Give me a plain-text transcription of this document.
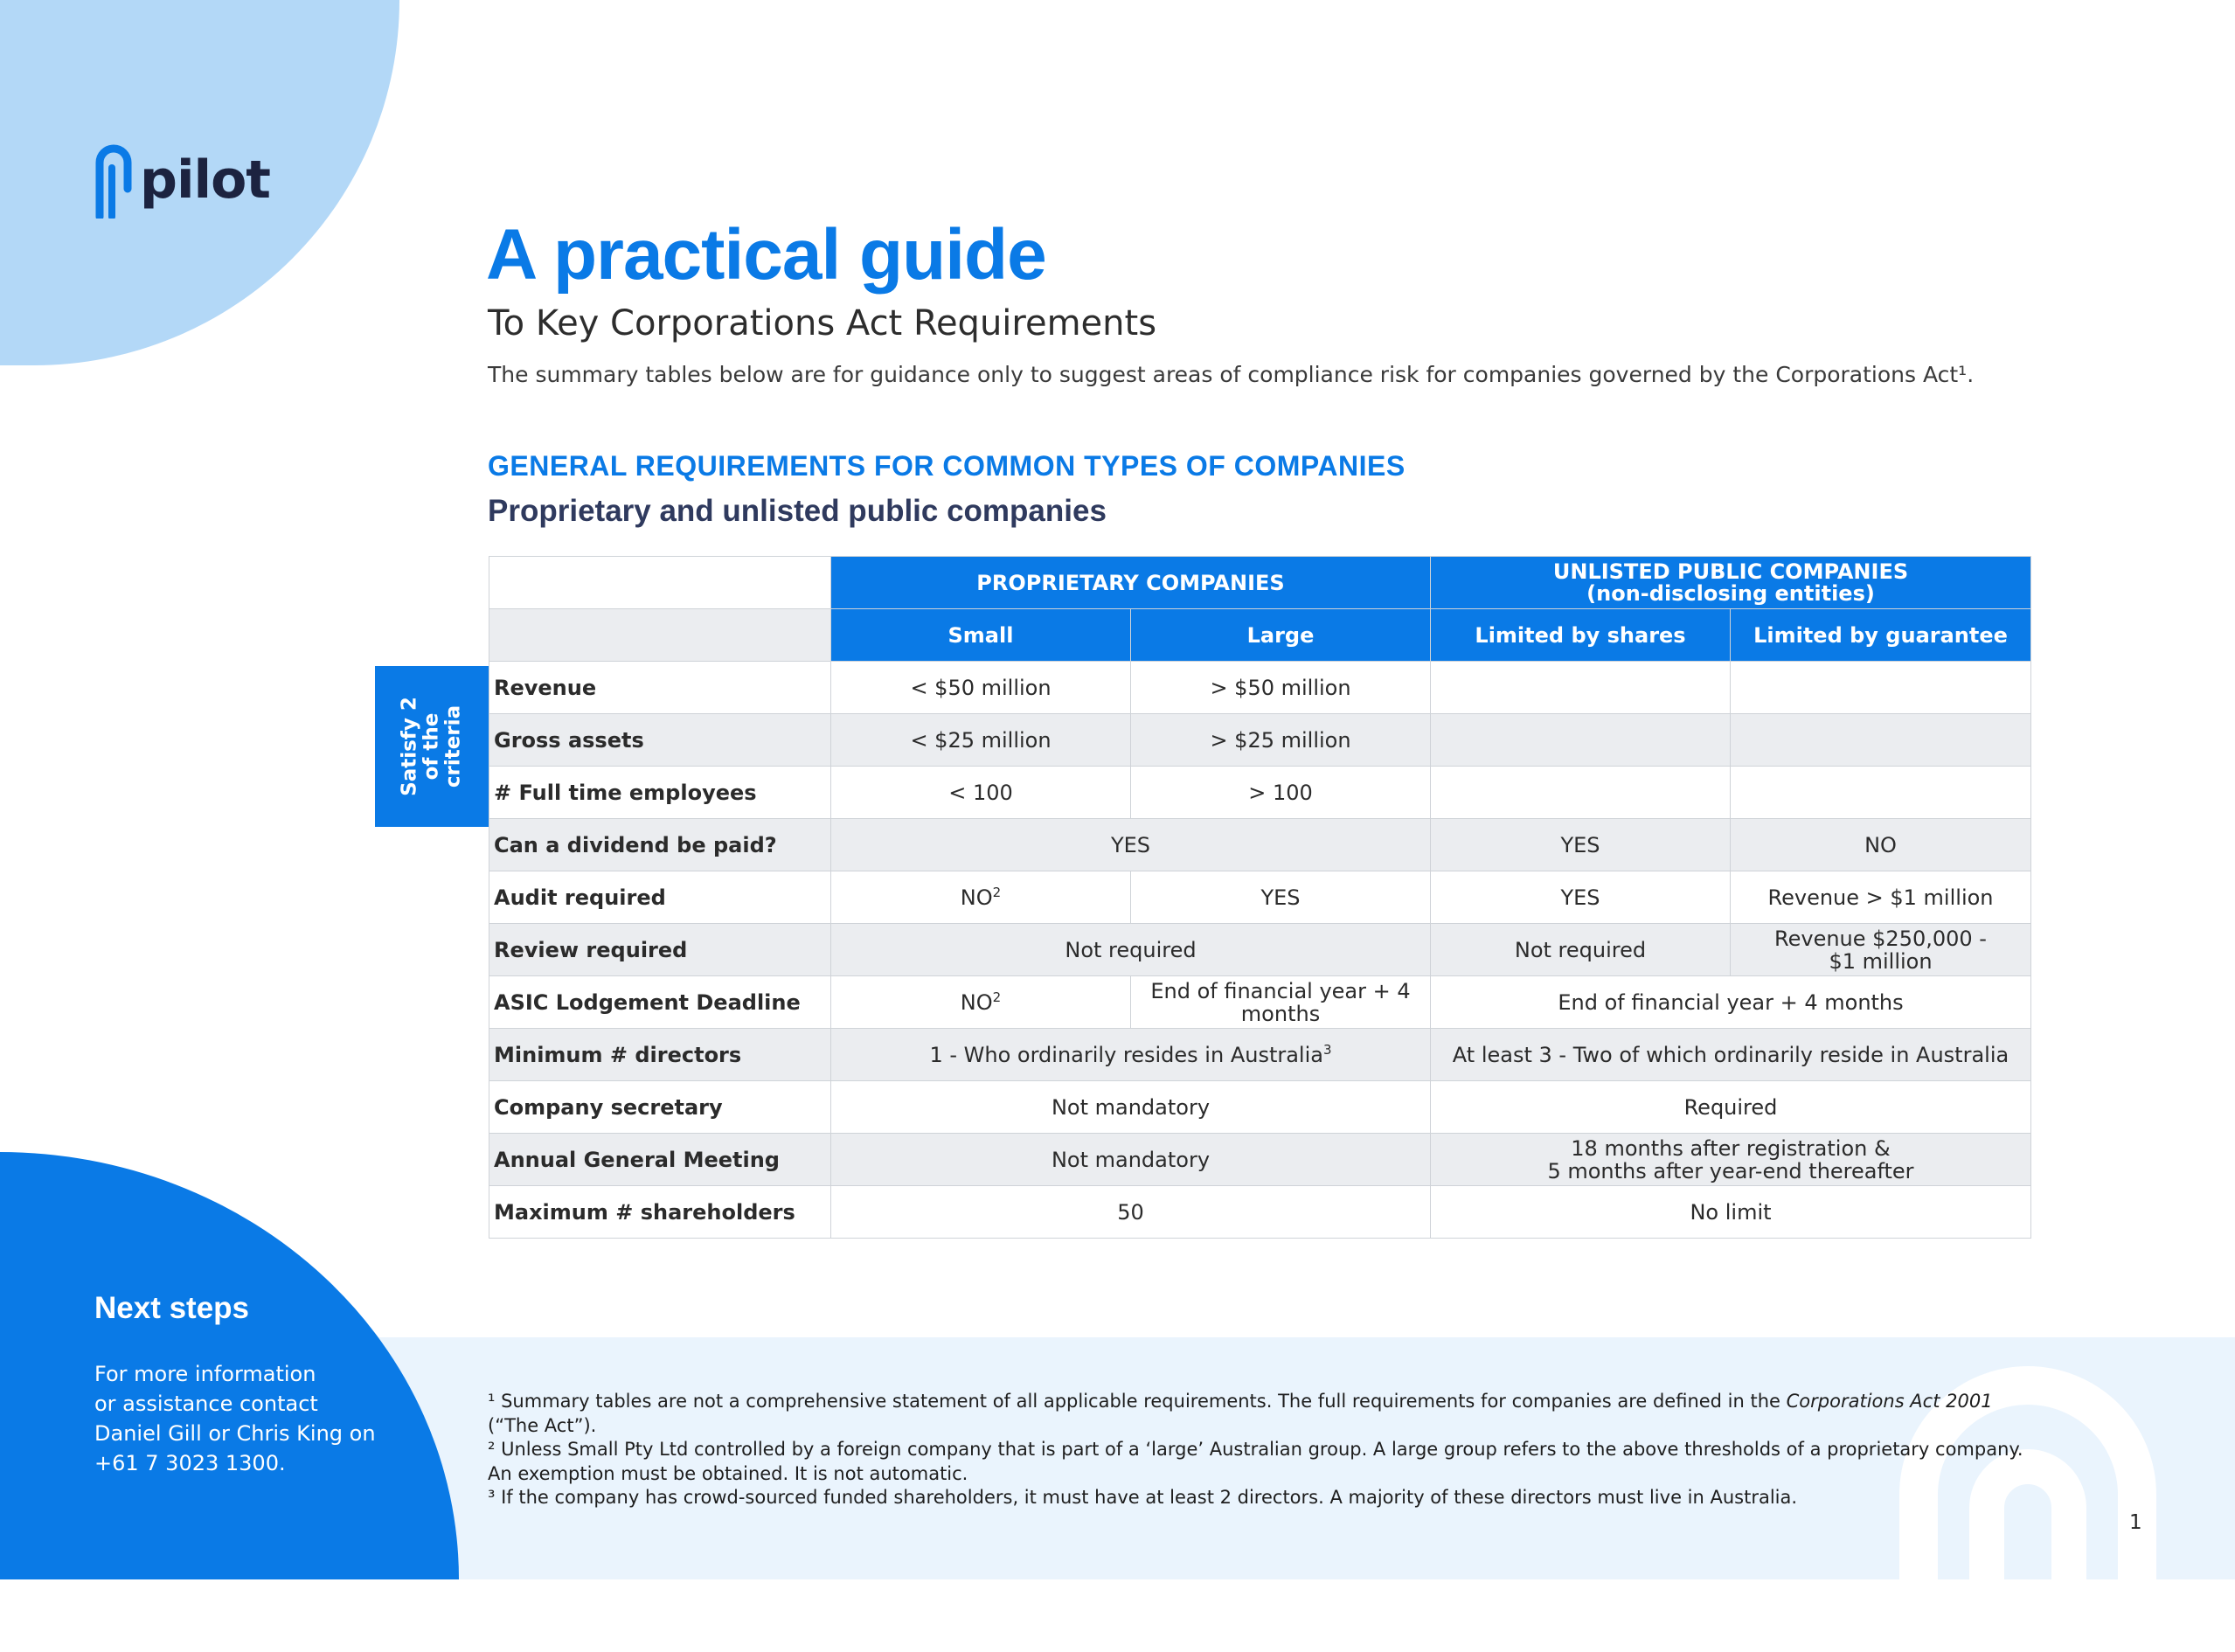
pilot
A practical guide
To Key Corporations Act Requirements
The summary tables below are for guidance only to suggest areas of compliance risk for companies governed by the Corporations Act¹.
GENERAL REQUIREMENTS FOR COMMON TYPES OF COMPANIES
Proprietary and unlisted public companies
Satisfy 2
of the
criteria
	PROPRIETARY COMPANIES		UNLISTED PUBLIC COMPANIES
(non-disclosing entities)	
	Small	Large	Limited by shares	Limited by guarantee
Revenue	< $50 million	> $50 million		
Gross assets	< $25 million	> $25 million		
# Full time employees	< 100	> 100		
Can a dividend be paid?	YES		YES	NO
Audit required	$NO^2$	YES	YES	Revenue > $1 million
Review required	Not required		Not required	Revenue $250,000 -
$1 million
ASIC Lodgement Deadline	$NO^2$	End of financial year + 4 months	End of financial year + 4 months	
Minimum # directors	1 - Who ordinarily resides in Australia$^3$		At least 3 - Two of which ordinarily reside in Australia	
Company secretary	Not mandatory		Required	
Annual General Meeting	Not mandatory		18 months after registration &
5 months after year-end thereafter	
Maximum # shareholders	50		No limit	
Next steps
For more information
or assistance contact
Daniel Gill or Chris King on
+61 7 3023 1300.

¹ Summary tables are not a comprehensive statement of all applicable requirements. The full requirements for companies are defined in the Corporations Act 2001 (“The Act”).

² Unless Small Pty Ltd controlled by a foreign company that is part of a ‘large’ Australian group. A large group refers to the above thresholds of a proprietary company. An exemption must be obtained. It is not automatic.

³ If the company has crowd-sourced funded shareholders, it must have at least 2 directors. A majority of these directors must live in Australia.

1
